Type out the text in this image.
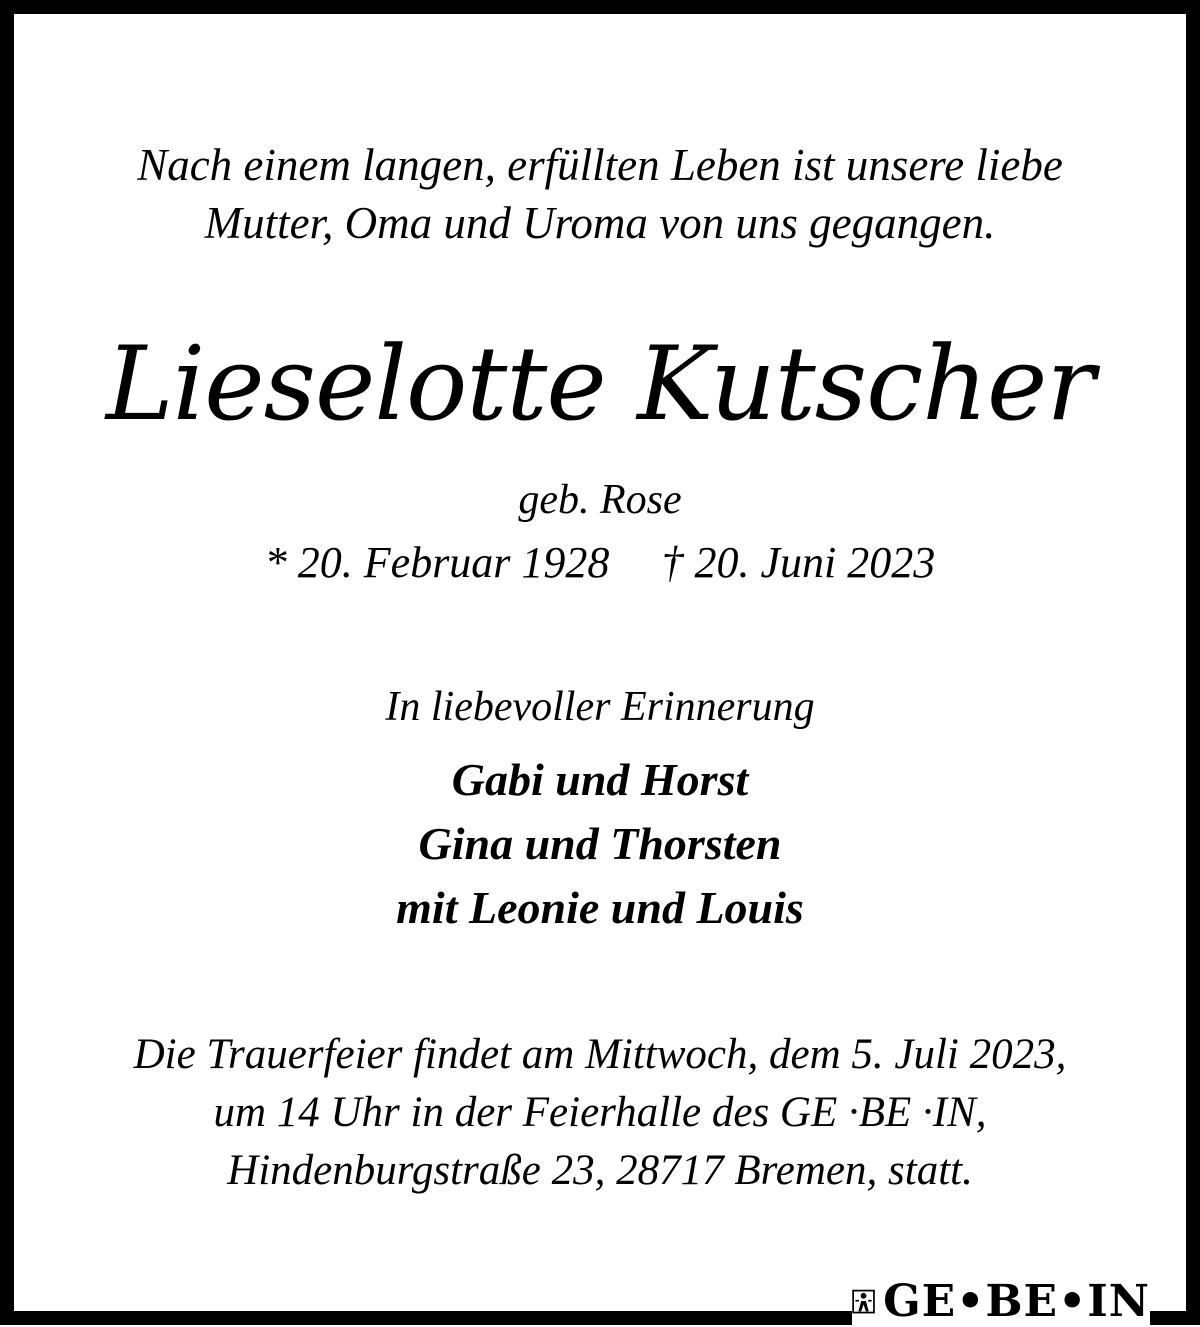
Nach einem langen, erfüllten Leben ist unsere liebe
Mutter, Oma und Uroma von uns gegangen.
Lieselotte Kutscher
geb. Rose
* 20. Februar 1928 † 20. Juni 2023
In liebevoller Erinnerung
Gabi und Horst
Gina und Thorsten
mit Leonie und Louis
Die Trauerfeier findet am Mittwoch, dem 5. Juli 2023,
um 14 Uhr in der Feierhalle des GE ·BE ·IN,
Hindenburgstraße 23, 28717 Bremen, statt.
GE•BE•IN
